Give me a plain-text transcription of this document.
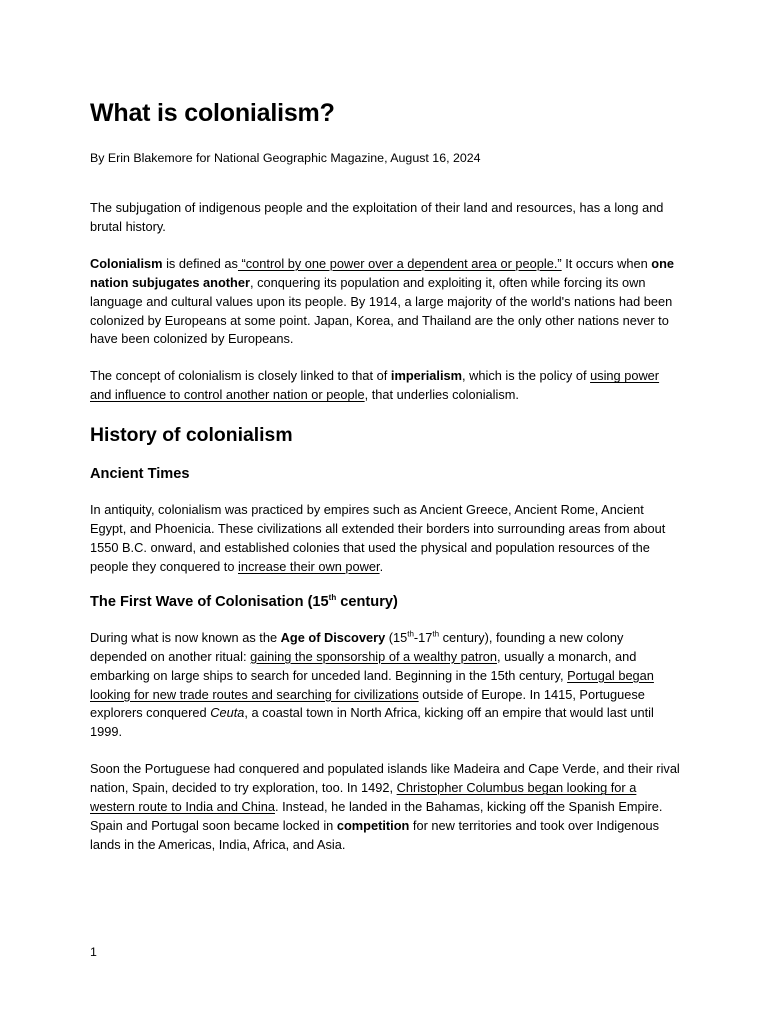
What is colonialism?

By Erin Blakemore for National Geographic Magazine, August 16, 2024

The subjugation of indigenous people and the exploitation of their land and resources, has a long and brutal history.

Colonialism is defined as “control by one power over a dependent area or people.” It occurs when one nation subjugates another, conquering its population and exploiting it, often while forcing its own language and cultural values upon its people. By 1914, a large majority of the world's nations had been colonized by Europeans at some point. Japan, Korea, and Thailand are the only other nations never to have been colonized by Europeans.

The concept of colonialism is closely linked to that of imperialism, which is the policy of using power and influence to control another nation or people, that underlies colonialism.

History of colonialism
Ancient Times

In antiquity, colonialism was practiced by empires such as Ancient Greece, Ancient Rome, Ancient Egypt, and Phoenicia. These civilizations all extended their borders into surrounding areas from about 1550 B.C. onward, and established colonies that used the physical and population resources of the people they conquered to increase their own power.

The First Wave of Colonisation (15th century)

During what is now known as the Age of Discovery (15th-17th century), founding a new colony depended on another ritual: gaining the sponsorship of a wealthy patron, usually a monarch, and embarking on large ships to search for unceded land. Beginning in the 15th century, Portugal began looking for new trade routes and searching for civilizations outside of Europe. In 1415, Portuguese explorers conquered Ceuta, a coastal town in North Africa, kicking off an empire that would last until 1999.

Soon the Portuguese had conquered and populated islands like Madeira and Cape Verde, and their rival nation, Spain, decided to try exploration, too. In 1492, Christopher Columbus began looking for a western route to India and China. Instead, he landed in the Bahamas, kicking off the Spanish Empire. Spain and Portugal soon became locked in competition for new territories and took over Indigenous lands in the Americas, India, Africa, and Asia.

1
